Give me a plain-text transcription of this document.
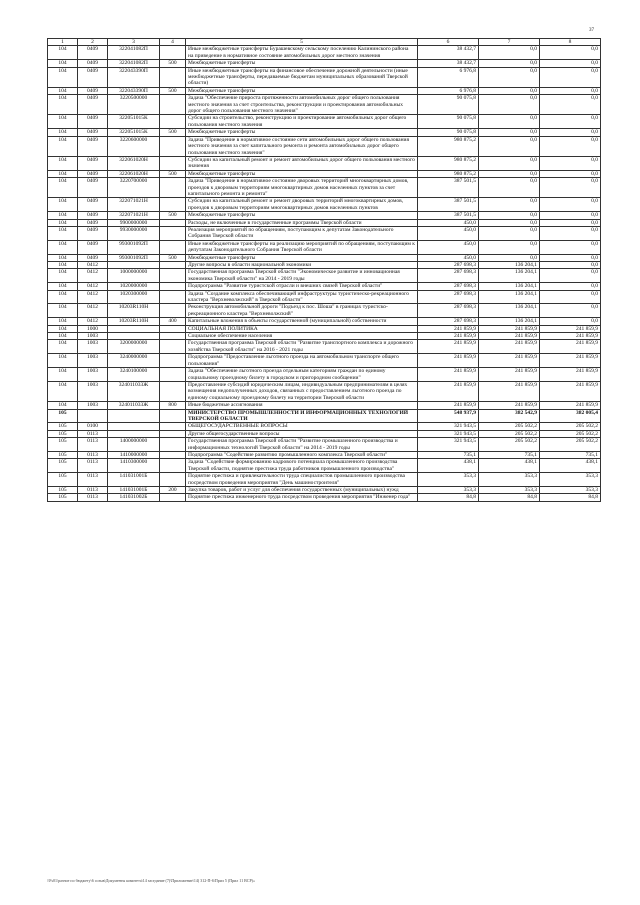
37
1	2	3	4	5	6	7	8
104	0409	322041082П		Иные межбюджетные трансферты Бурашевскому сельскому поселению Калининского района на приведение в нормативное состояние автомобильных дорог местного значения	38 432,7	0,0	0,0
104	0409	322041082П	500	Межбюджетные трансферты	38 432,7	0,0	0,0
104	0409	322043390П		Иные межбюджетные трансферты на финансовое обеспечение дорожной деятельности (иные межбюджетные трансферты, передаваемые бюджетам муниципальных образований Тверской области)	6 976,8	0,0	0,0
104	0409	322043390П	500	Межбюджетные трансферты	6 976,8	0,0	0,0
104	0409	3220500000		Задача "Обеспечение прироста протяженности автомобильных дорог общего пользования местного значения за счет строительства, реконструкции и проектирования автомобильных дорог общего пользования местного значения"	90 075,8	0,0	0,0
104	0409	322051015К		Субсидии на строительство, реконструкцию и проектирование автомобильных дорог общего пользования местного значения	90 075,8	0,0	0,0
104	0409	322051015К	500	Межбюджетные трансферты	90 075,8	0,0	0,0
104	0409	3220600000		Задача "Приведение в нормативное состояние сети автомобильных дорог общего пользования местного значения за счет капитального ремонта и ремонта автомобильных дорог общего пользования местного значения"	980 875,2	0,0	0,0
104	0409	322061020Н		Субсидии на капитальный ремонт и ремонт автомобильных дорог общего пользования местного значения	980 875,2	0,0	0,0
104	0409	322061020Н	500	Межбюджетные трансферты	980 875,2	0,0	0,0
104	0409	3220700000		Задача "Приведение в нормативное состояние дворовых территорий многоквартирных домов, проездов к дворовым территориям многоквартирных домов населенных пунктов за счет капитального ремонта и ремонта"	387 501,5	0,0	0,0
104	0409	322071021Н		Субсидии на капитальный ремонт и ремонт дворовых территорий многоквартирных домов, проездов к дворовым территориям многоквартирных домов населенных пунктов	387 501,5	0,0	0,0
104	0409	322071021Н	500	Межбюджетные трансферты	387 501,5	0,0	0,0
104	0409	9900000000		Расходы, не включенные в государственные программы Тверской области	450,0	0,0	0,0
104	0409	9930000000		Реализация мероприятий по обращениям, поступающим к депутатам Законодательного Собрания Тверской области	450,0	0,0	0,0
104	0409	993001092П		Иные межбюджетные трансферты на реализацию мероприятий по обращениям, поступающим к депутатам Законодательного Собрания Тверской области	450,0	0,0	0,0
104	0409	993001092П	500	Межбюджетные трансферты	450,0	0,0	0,0
104	0412			Другие вопросы в области национальной экономики	287 698,3	136 204,1	0,0
104	0412	1000000000		Государственная программа Тверской области "Экономическое развитие и инновационная экономика Тверской области" на 2014 - 2019 годы	287 698,3	136 204,1	0,0
104	0412	1020000000		Подпрограмма "Развитие туристской отрасли и внешних связей Тверской области"	287 698,3	136 204,1	0,0
104	0412	1020300000		Задача "Создание комплекса обеспечивающей инфраструктуры туристическо-рекреационного кластера "Верхневолжский" в Тверской области"	287 698,3	136 204,1	0,0
104	0412	10203R110Н		Реконструкция автомобильной дороги "Подъезд к пос. Шоша" в границах туристско-рекреационного кластера "Верхневолжский"	287 698,3	136 204,1	0,0
104	0412	10203R110Н	400	Капитальные вложения в объекты государственной (муниципальной) собственности	287 698,3	136 204,1	0,0
104	1000			СОЦИАЛЬНАЯ ПОЛИТИКА	241 859,9	241 859,9	241 859,9
104	1003			Социальное обеспечение населения	241 859,9	241 859,9	241 859,9
104	1003	3200000000		Государственная программа Тверской области "Развитие транспортного комплекса и дорожного хозяйства Тверской области" на 2016 - 2021 годы	241 859,9	241 859,9	241 859,9
104	1003	3240000000		Подпрограмма "Предоставление льготного проезда на автомобильном транспорте общего пользования"	241 859,9	241 859,9	241 859,9
104	1003	3240100000		Задача "Обеспечение льготного проезда отдельным категориям граждан по единому социальному проездному билету в городском и пригородном сообщении"	241 859,9	241 859,9	241 859,9
104	1003	324011033Ж		Предоставление субсидий юридическим лицам, индивидуальным предпринимателям в целях возмещения недополученных доходов, связанных с предоставлением льготного проезда по единому социальному проездному билету на территории Тверской области	241 859,9	241 859,9	241 859,9
104	1003	324011033Ж	800	Иные бюджетные ассигнования	241 859,9	241 859,9	241 859,9
105				МИНИСТЕРСТВО ПРОМЫШЛЕННОСТИ И ИНФОРМАЦИОННЫХ ТЕХНОЛОГИЙ ТВЕРСКОЙ ОБЛАСТИ	548 937,9	382 542,9	382 005,4
105	0100			ОБЩЕГОСУДАРСТВЕННЫЕ ВОПРОСЫ	321 943,5	205 502,2	205 502,2
105	0113			Другие общегосударственные вопросы	321 943,5	205 502,2	205 502,2
105	0113	1400000000		Государственная программа Тверской области "Развитие промышленного производства и информационных технологий Тверской области" на 2014 - 2019 годы	321 943,5	205 502,2	205 502,2
105	0113	1410000000		Подпрограмма "Содействие развитию промышленного комплекса Тверской области"	735,1	735,1	735,1
105	0113	1410300000		Задача "Содействие формированию кадрового потенциала промышленного производства Тверской области, поднятие престижа труда работников промышленного производства"	438,1	438,1	438,1
105	0113	141031001Б		Поднятие престижа и привлекательности труда специалистов промышленного производства посредством проведения мероприятия "День машиностроителя"	353,3	353,3	353,3
105	0113	141031001Б	200	Закупка товаров, работ и услуг для обеспечения государственных (муниципальных) нужд	353,3	353,3	353,3
105	0113	141031002Б		Поднятие престижа инженерного труда посредством проведения мероприятия "Инженер года"	84,8	84,8	84,8
\\Fs01\разное по бюджету\6 созыв\Документы комитета\14 заседание (7)\Приложение\14) 312-П-6\Прил 5 (Прил 11 ВСР)»
